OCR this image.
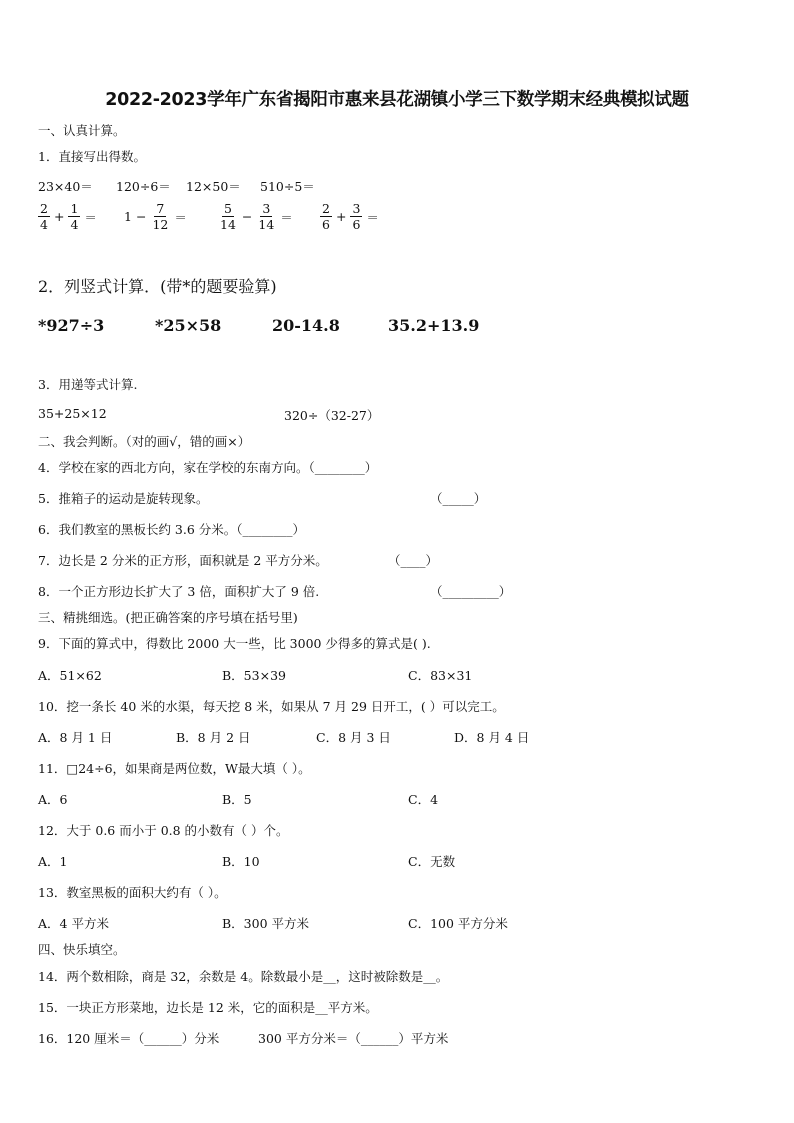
2022-2023学年广东省揭阳市惠来县花湖镇小学三下数学期末经典模拟试题
一、认真计算。
1．直接写出得数。
23×40＝ 120÷6＝ 12×50＝ 510÷5＝
$\frac{2}{4} + \frac{1}{4} = 1 - \frac{7}{12} = \frac{5}{14} - \frac{3}{14} = \frac{2}{6} + \frac{3}{6}$ ＝
2．列竖式计算．(带*的题要验算)
*927÷3	*25×58	20-14.8	35.2+13.9
3．用递等式计算.
35+25×12	320÷（32-27）
二、我会判断。（对的画√，错的画×）
4．学校在家的西北方向，家在学校的东南方向。（________）
5．推箱子的运动是旋转现象。	（_____）
6．我们教室的黑板长约 3.6 分米。（________）
7．边长是 2 分米的正方形，面积就是 2 平方分米。	（____）
8．一个正方形边长扩大了 3 倍，面积扩大了 9 倍.	（_________）
三、精挑细选。(把正确答案的序号填在括号里)
9．下面的算式中，得数比 2000 大一些，比 3000 少得多的算式是( ).
A．51×62	B．53×39	C．83×31
10．挖一条长 40 米的水渠，每天挖 8 米，如果从 7 月 29 日开工，( ）可以完工。
A．8 月 1 日	B．8 月 2 日	C．8 月 3 日	D．8 月 4 日
11．□24÷6，如果商是两位数，W最大填（ ）。
A．6	B．5	C．4
12．大于 0.6 而小于 0.8 的小数有（ ）个。
A．1	B．10	C．无数
13．教室黑板的面积大约有（ ）。
A．4 平方米	B．300 平方米	C．100 平方分米
四、快乐填空。
14．两个数相除，商是 32，余数是 4。除数最小是__，这时被除数是__。
15．一块正方形菜地，边长是 12 米，它的面积是__平方米。
16．120 厘米＝（______）分米	300 平方分米＝（______）平方米
